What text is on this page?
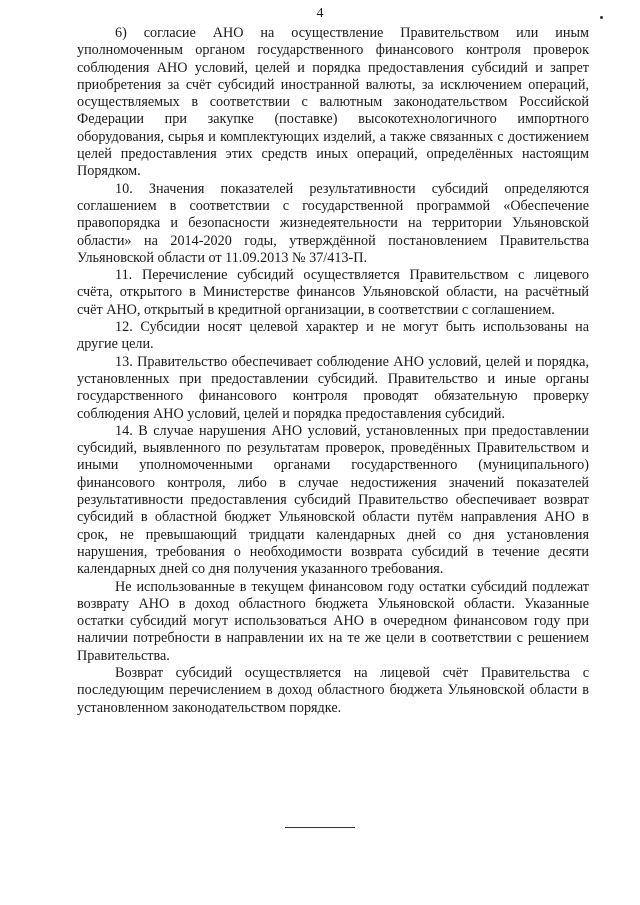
4

6) согласие АНО на осуществление Правительством или иным уполномоченным органом государственного финансового контроля проверок соблюдения АНО условий, целей и порядка предоставления субсидий и запрет приобретения за счёт субсидий иностранной валюты, за исключением операций, осуществляемых в соответствии с валютным законодательством Российской Федерации при закупке (поставке) высокотехнологичного импортного оборудования, сырья и комплектующих изделий, а также связанных с достижением целей предоставления этих средств иных операций, определённых настоящим Порядком.

10. Значения показателей результативности субсидий определяются соглашением в соответствии с государственной программой «Обеспечение правопорядка и безопасности жизнедеятельности на территории Ульяновской области» на 2014-2020 годы, утверждённой постановлением Правительства Ульяновской области от 11.09.2013 № 37/413-П.

11. Перечисление субсидий осуществляется Правительством с лицевого счёта, открытого в Министерстве финансов Ульяновской области, на расчётный счёт АНО, открытый в кредитной организации, в соответствии с соглашением.

12. Субсидии носят целевой характер и не могут быть использованы на другие цели.

13. Правительство обеспечивает соблюдение АНО условий, целей и порядка, установленных при предоставлении субсидий. Правительство и иные органы государственного финансового контроля проводят обязательную проверку соблюдения АНО условий, целей и порядка предоставления субсидий.

14. В случае нарушения АНО условий, установленных при предоставлении субсидий, выявленного по результатам проверок, проведённых Правительством и иными уполномоченными органами государственного (муниципального) финансового контроля, либо в случае недостижения значений показателей результативности предоставления субсидий Правительство обеспечивает возврат субсидий в областной бюджет Ульяновской области путём направления АНО в срок, не превышающий тридцати календарных дней со дня установления нарушения, требования о необходимости возврата субсидий в течение десяти календарных дней со дня получения указанного требования.

Не использованные в текущем финансовом году остатки субсидий подлежат возврату АНО в доход областного бюджета Ульяновской области. Указанные остатки субсидий могут использоваться АНО в очередном финансовом году при наличии потребности в направлении их на те же цели в соответствии с решением Правительства.

Возврат субсидий осуществляется на лицевой счёт Правительства с последующим перечислением в доход областного бюджета Ульяновской области в установленном законодательством порядке.
